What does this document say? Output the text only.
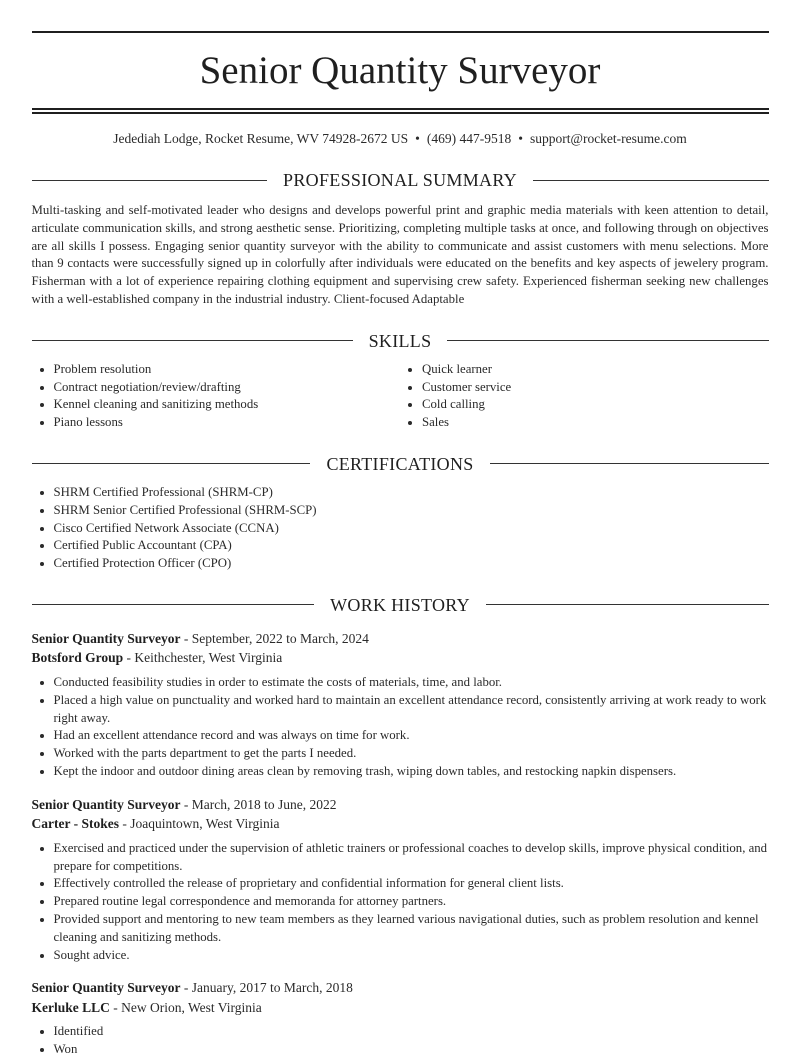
Senior Quantity Surveyor
Jedediah Lodge, Rocket Resume, WV 74928-2672 US • (469) 447-9518 • support@rocket-resume.com
PROFESSIONAL SUMMARY
Multi-tasking and self-motivated leader who designs and develops powerful print and graphic media materials with keen attention to detail, articulate communication skills, and strong aesthetic sense. Prioritizing, completing multiple tasks at once, and following through on objectives are all skills I possess. Engaging senior quantity surveyor with the ability to communicate and assist customers with menu selections. More than 9 contacts were successfully signed up in colorfully after individuals were educated on the benefits and key aspects of jewelery program. Fisherman with a lot of experience repairing clothing equipment and supervising crew safety. Experienced fisherman seeking new challenges with a well-established company in the industrial industry. Client-focused Adaptable
SKILLS
• Problem resolution
• Contract negotiation/review/drafting
• Kennel cleaning and sanitizing methods
• Piano lessons
• Quick learner
• Customer service
• Cold calling
• Sales
CERTIFICATIONS
• SHRM Certified Professional (SHRM-CP)
• SHRM Senior Certified Professional (SHRM-SCP)
• Cisco Certified Network Associate (CCNA)
• Certified Public Accountant (CPA)
• Certified Protection Officer (CPO)
WORK HISTORY
Senior Quantity Surveyor - September, 2022 to March, 2024
Botsford Group - Keithchester, West Virginia
• Conducted feasibility studies in order to estimate the costs of materials, time, and labor.
• Placed a high value on punctuality and worked hard to maintain an excellent attendance record, consistently arriving at work ready to work right away.
• Had an excellent attendance record and was always on time for work.
• Worked with the parts department to get the parts I needed.
• Kept the indoor and outdoor dining areas clean by removing trash, wiping down tables, and restocking napkin dispensers.
Senior Quantity Surveyor - March, 2018 to June, 2022
Carter - Stokes - Joaquintown, West Virginia
• Exercised and practiced under the supervision of athletic trainers or professional coaches to develop skills, improve physical condition, and prepare for competitions.
• Effectively controlled the release of proprietary and confidential information for general client lists.
• Prepared routine legal correspondence and memoranda for attorney partners.
• Provided support and mentoring to new team members as they learned various navigational duties, such as problem resolution and kennel cleaning and sanitizing methods.
• Sought advice.
Senior Quantity Surveyor - January, 2017 to March, 2018
Kerluke LLC - New Orion, West Virginia
• Identified
• Won
